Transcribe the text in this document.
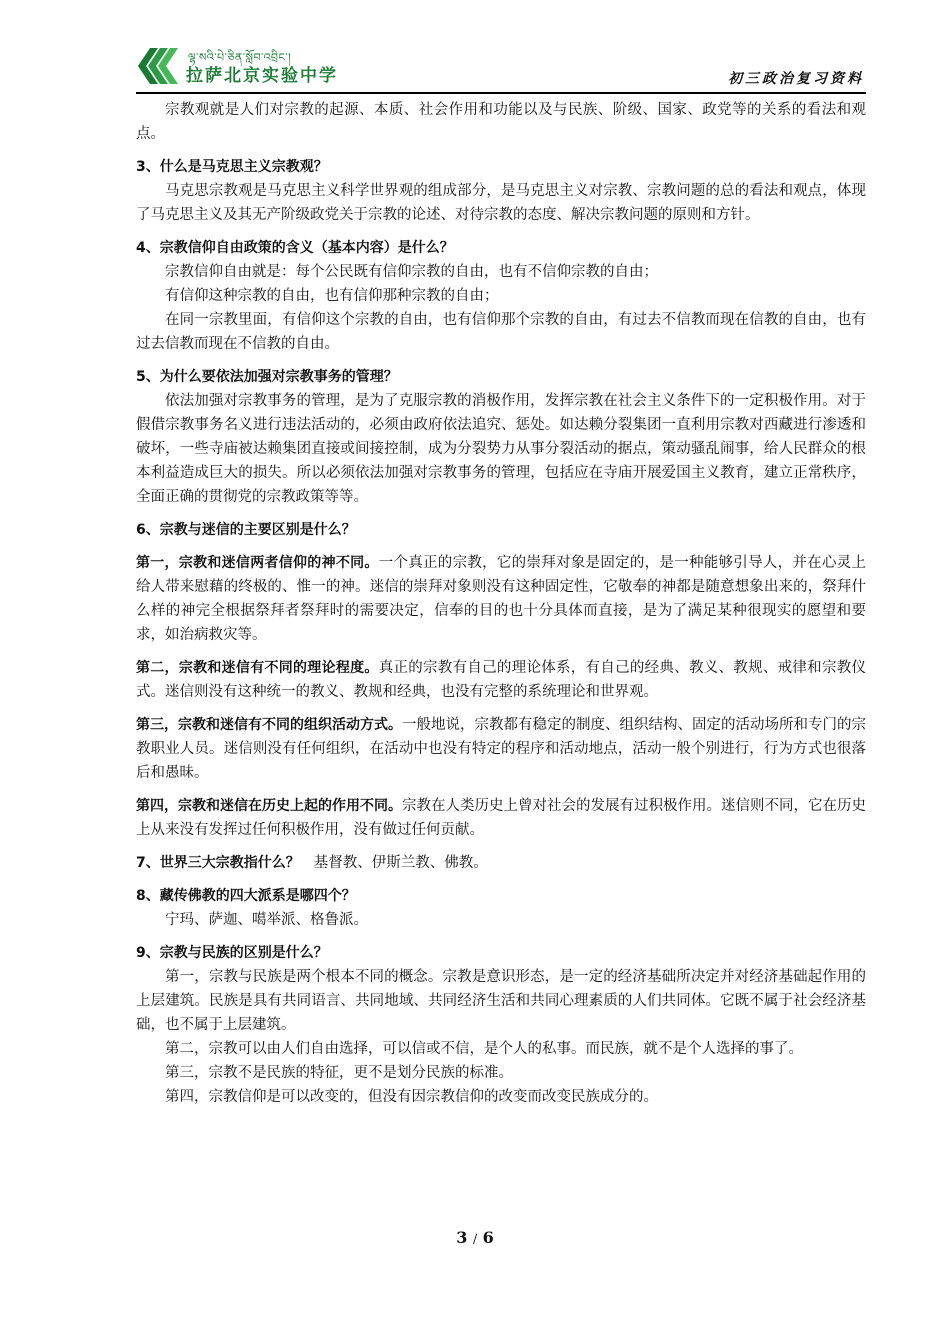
ལྷ་སའི་པེ་ཅིན་སློབ་འབྲིང་།
拉萨北京实验中学	初三政治复习资料

宗教观就是人们对宗教的起源、本质、社会作用和功能以及与民族、阶级、国家、政党等的关系的看法和观点。

3、什么是马克思主义宗教观？

马克思宗教观是马克思主义科学世界观的组成部分，是马克思主义对宗教、宗教问题的总的看法和观点，体现了马克思主义及其无产阶级政党关于宗教的论述、对待宗教的态度、解决宗教问题的原则和方针。

4、宗教信仰自由政策的含义（基本内容）是什么？

宗教信仰自由就是：每个公民既有信仰宗教的自由，也有不信仰宗教的自由；

有信仰这种宗教的自由，也有信仰那种宗教的自由；

在同一宗教里面，有信仰这个宗教的自由，也有信仰那个宗教的自由，有过去不信教而现在信教的自由，也有过去信教而现在不信教的自由。

5、为什么要依法加强对宗教事务的管理？

依法加强对宗教事务的管理，是为了克服宗教的消极作用，发挥宗教在社会主义条件下的一定积极作用。对于假借宗教事务名义进行违法活动的，必须由政府依法追究、惩处。如达赖分裂集团一直利用宗教对西藏进行渗透和破坏，一些寺庙被达赖集团直接或间接控制，成为分裂势力从事分裂活动的据点，策动骚乱闹事，给人民群众的根本利益造成巨大的损失。所以必须依法加强对宗教事务的管理，包括应在寺庙开展爱国主义教育，建立正常秩序，全面正确的贯彻党的宗教政策等等。

6、宗教与迷信的主要区别是什么？

第一，宗教和迷信两者信仰的神不同。一个真正的宗教，它的崇拜对象是固定的，是一种能够引导人，并在心灵上给人带来慰藉的终极的、惟一的神。迷信的崇拜对象则没有这种固定性，它敬奉的神都是随意想象出来的，祭拜什么样的神完全根据祭拜者祭拜时的需要决定，信奉的目的也十分具体而直接，是为了满足某种很现实的愿望和要求，如治病救灾等。

第二，宗教和迷信有不同的理论程度。真正的宗教有自己的理论体系，有自己的经典、教义、教规、戒律和宗教仪式。迷信则没有这种统一的教义、教规和经典，也没有完整的系统理论和世界观。

第三，宗教和迷信有不同的组织活动方式。一般地说，宗教都有稳定的制度、组织结构、固定的活动场所和专门的宗教职业人员。迷信则没有任何组织，在活动中也没有特定的程序和活动地点，活动一般个别进行，行为方式也很落后和愚昧。

第四，宗教和迷信在历史上起的作用不同。宗教在人类历史上曾对社会的发展有过积极作用。迷信则不同，它在历史上从来没有发挥过任何积极作用，没有做过任何贡献。

7、世界三大宗教指什么？ 基督教、伊斯兰教、佛教。

8、藏传佛教的四大派系是哪四个？

宁玛、萨迦、噶举派、格鲁派。

9、宗教与民族的区别是什么？

第一，宗教与民族是两个根本不同的概念。宗教是意识形态，是一定的经济基础所决定并对经济基础起作用的上层建筑。民族是具有共同语言、共同地域、共同经济生活和共同心理素质的人们共同体。它既不属于社会经济基础，也不属于上层建筑。

第二，宗教可以由人们自由选择，可以信或不信，是个人的私事。而民族，就不是个人选择的事了。

第三，宗教不是民族的特征，更不是划分民族的标准。

第四，宗教信仰是可以改变的，但没有因宗教信仰的改变而改变民族成分的。

3 / 6
